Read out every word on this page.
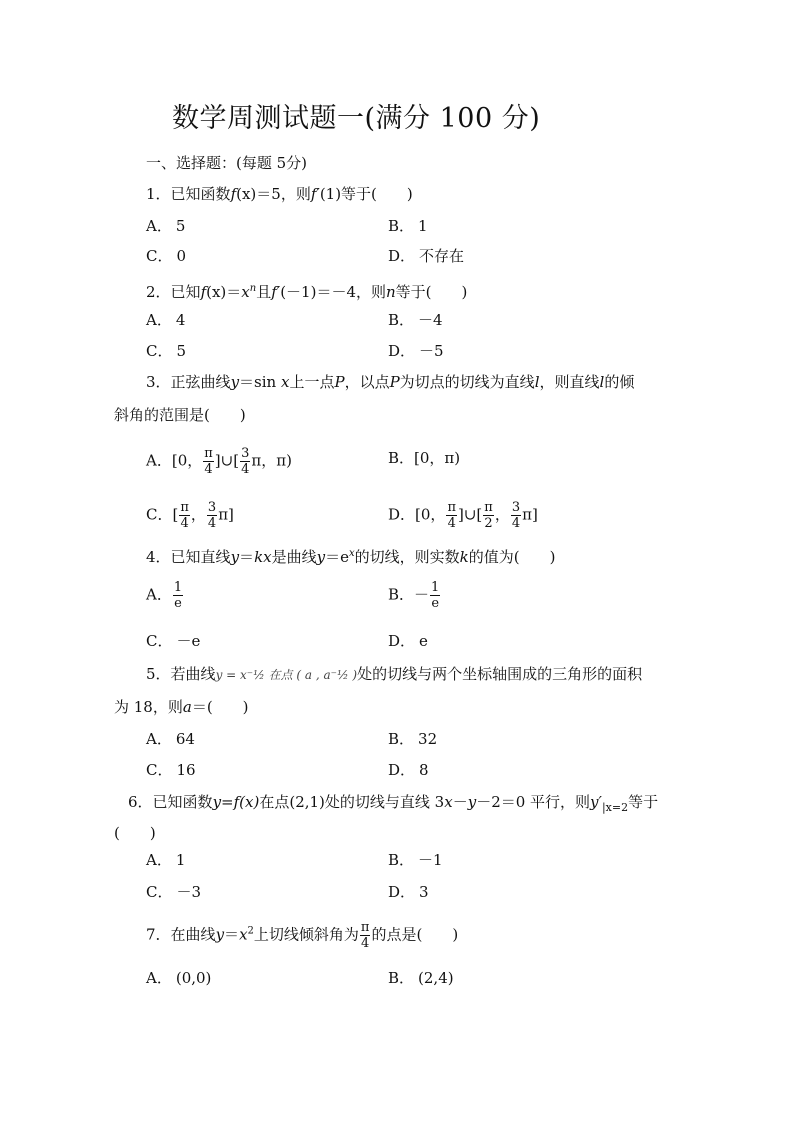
数学周测试题一(满分 100 分)
一、选择题：(每题 5分)
1．已知函数f(x)＝5，则f′(1)等于(　　)
A． 5	B． 1
C． 0	D． 不存在
2．已知$f(x)=x^n$且f′(－1)＝－4，则n等于(　　)
A． 4	B． －4
C． 5	D． －5
3．正弦曲线y＝sin x上一点P，以点P为切点的切线为直线l，则直线l的倾
斜角的范围是(　　)
A．[0， $\frac{\pi}{4}$ ]∪[ $\frac{3}{4}$ π，π)	B．[0，π)
C．[ $\frac{\pi}{4}$ ， $\frac{3}{4} \pi$]	D．[0， $\frac{\pi}{4}$ ]∪[ $\frac{\pi}{2}$ ， $\frac{3}{4} \pi$]
4．已知直线y＝kx是曲线$y=e^x$的切线，则实数k的值为(　　)
A． $\frac{1}{e}$	B．－ $\frac{1}{e}$
C． －e	D． e
5．若曲线y = x⁻½ 在点 ( a , a⁻½ )处的切线与两个坐标轴围成的三角形的面积
为 18，则a＝(　　)
A． 64	B． 32
C． 16	D． 8
6．已知函数y=f(x)在点(2,1)处的切线与直线 3x－y－2＝0 平行，则$y'_{|x=2}$等于
(　　)
A． 1	B． －1
C． －3	D． 3
7．在曲线$y=x^2$上切线倾斜角为 $\frac{\pi}{4}$ 的点是(　　)
A． (0,0)	B． (2,4)
